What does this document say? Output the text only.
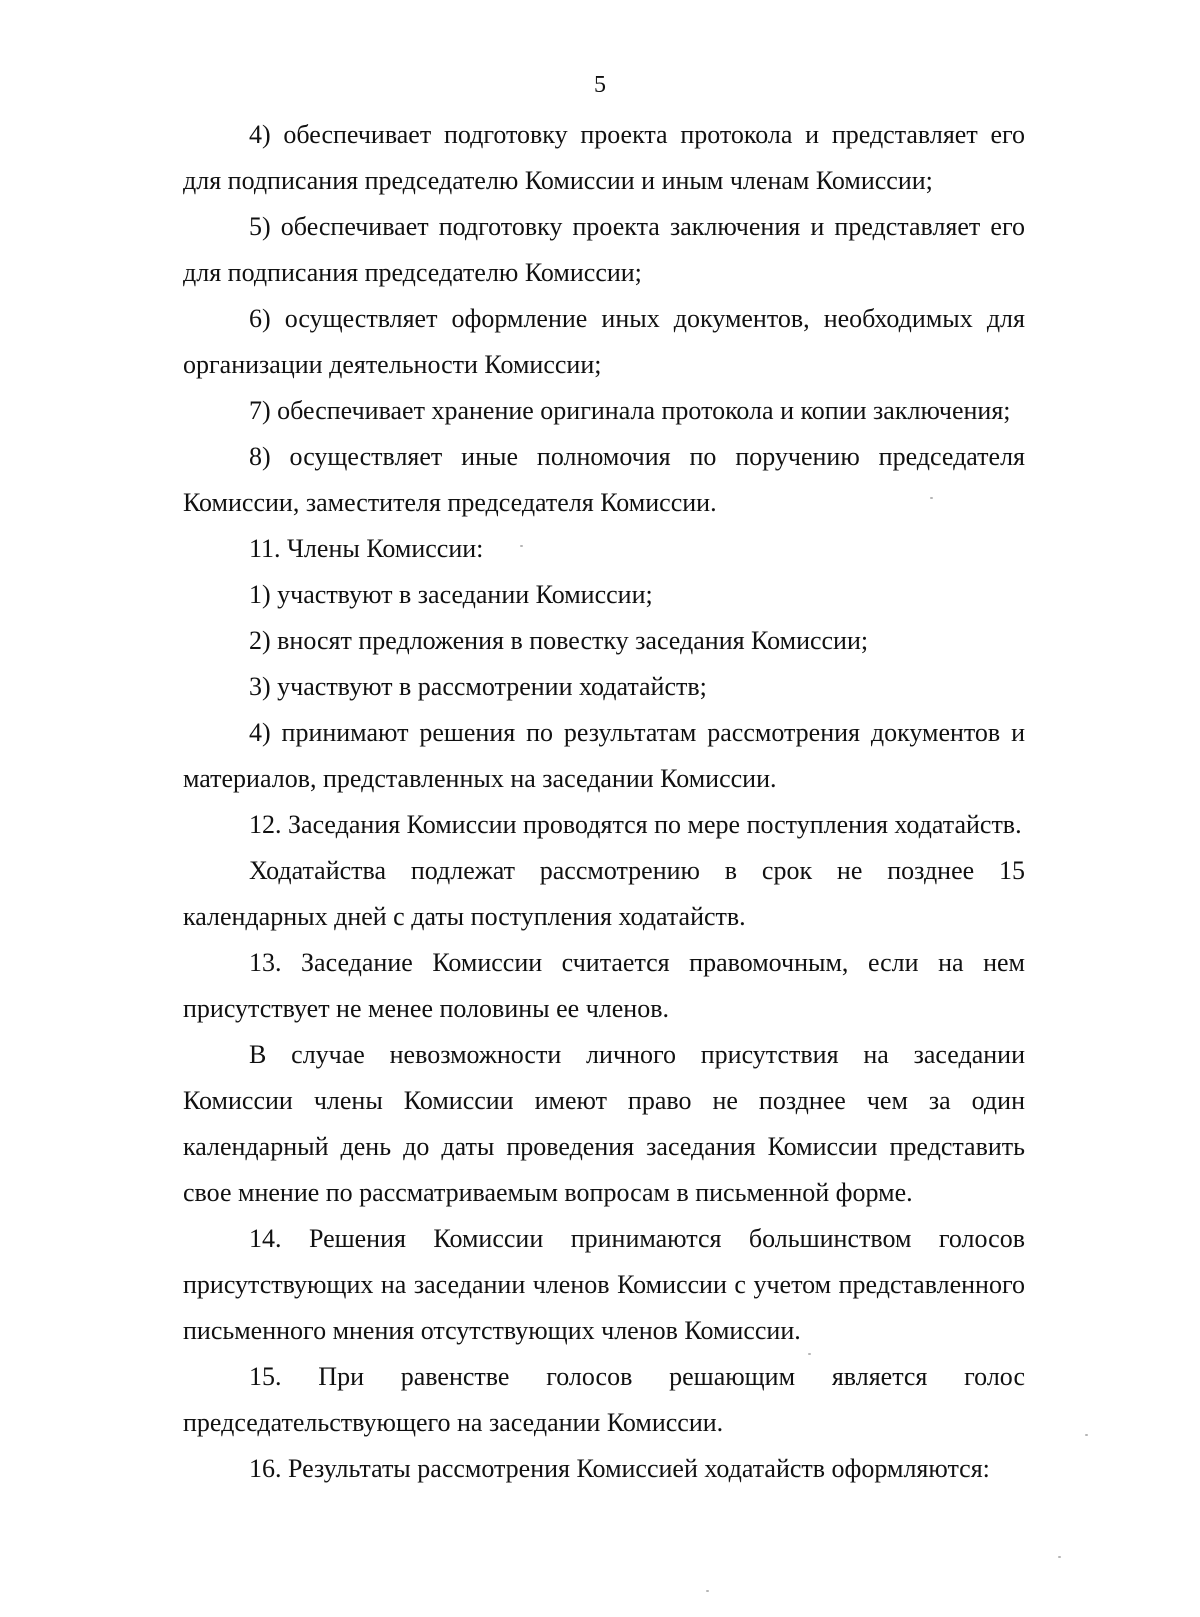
5

4) обеспечивает подготовку проекта протокола и представляет его для подписания председателю Комиссии и иным членам Комиссии;

5) обеспечивает подготовку проекта заключения и представляет его для подписания председателю Комиссии;

6) осуществляет оформление иных документов, необходимых для организации деятельности Комиссии;

7) обеспечивает хранение оригинала протокола и копии заключения;

8) осуществляет иные полномочия по поручению председателя Комиссии, заместителя председателя Комиссии.

11. Члены Комиссии:

1) участвуют в заседании Комиссии;

2) вносят предложения в повестку заседания Комиссии;

3) участвуют в рассмотрении ходатайств;

4) принимают решения по результатам рассмотрения документов и материалов, представленных на заседании Комиссии.

12. Заседания Комиссии проводятся по мере поступления ходатайств.

Ходатайства подлежат рассмотрению в срок не позднее 15 календарных дней с даты поступления ходатайств.

13. Заседание Комиссии считается правомочным, если на нем присутствует не менее половины ее членов.

В случае невозможности личного присутствия на заседании Комиссии члены Комиссии имеют право не позднее чем за один календарный день до даты проведения заседания Комиссии представить свое мнение по рассматриваемым вопросам в письменной форме.

14. Решения Комиссии принимаются большинством голосов присутствующих на заседании членов Комиссии с учетом представленного письменного мнения отсутствующих членов Комиссии.

15. При равенстве голосов решающим является голос председательствующего на заседании Комиссии.

16. Результаты рассмотрения Комиссией ходатайств оформляются:
